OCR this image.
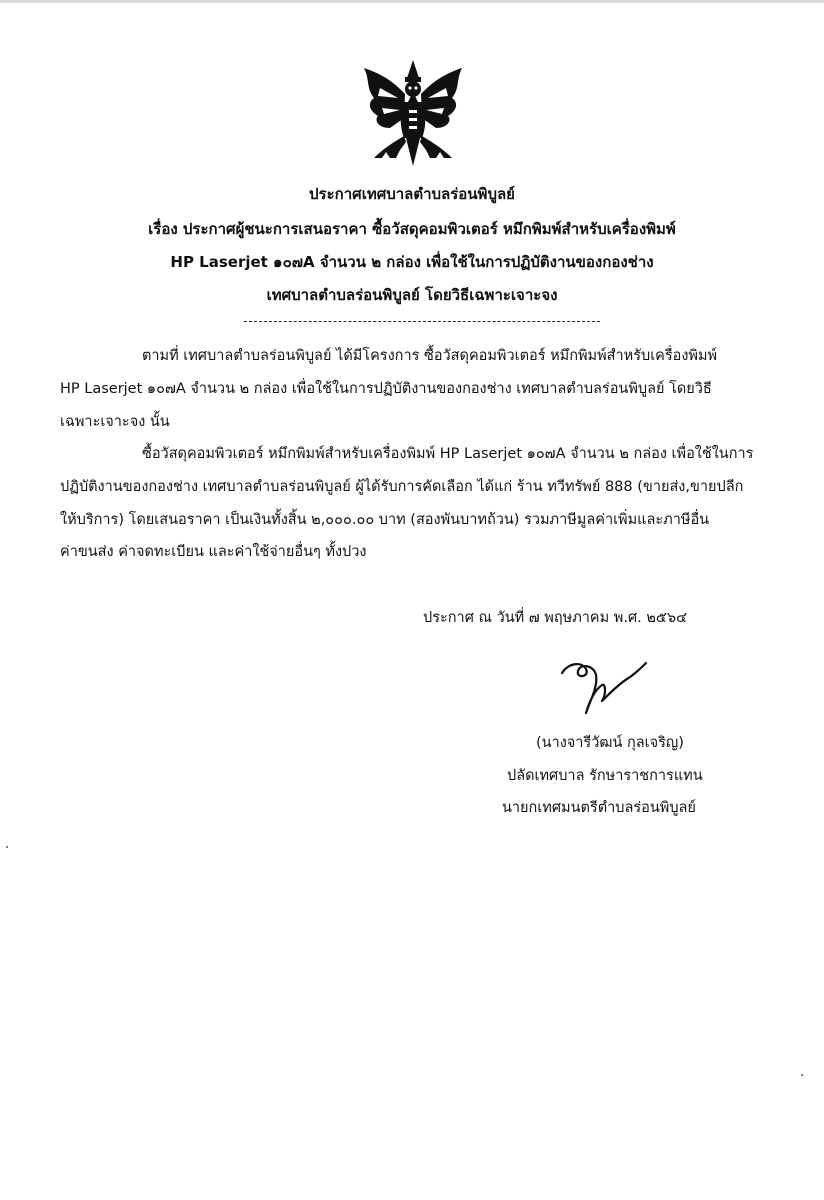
ประกาศเทศบาลตำบลร่อนพิบูลย์
เรื่อง ประกาศผู้ชนะการเสนอราคา ซื้อวัสดุคอมพิวเตอร์ หมึกพิมพ์สำหรับเครื่องพิมพ์
HP Laserjet ๑๐๗A จำนวน ๒ กล่อง เพื่อใช้ในการปฏิบัติงานของกองช่าง
เทศบาลตำบลร่อนพิบูลย์ โดยวิธีเฉพาะเจาะจง
ตามที่ เทศบาลตำบลร่อนพิบูลย์ ได้มีโครงการ ซื้อวัสดุคอมพิวเตอร์ หมึกพิมพ์สำหรับเครื่องพิมพ์
HP Laserjet ๑๐๗A จำนวน ๒ กล่อง เพื่อใช้ในการปฏิบัติงานของกองช่าง เทศบาลตำบลร่อนพิบูลย์ โดยวิธี
เฉพาะเจาะจง นั้น
ซื้อวัสดุคอมพิวเตอร์ หมึกพิมพ์สำหรับเครื่องพิมพ์ HP Laserjet ๑๐๗A จำนวน ๒ กล่อง เพื่อใช้ในการ
ปฏิบัติงานของกองช่าง เทศบาลตำบลร่อนพิบูลย์ ผู้ได้รับการคัดเลือก ได้แก่ ร้าน ทวีทรัพย์ 888 (ขายส่ง,ขายปลีก
ให้บริการ) โดยเสนอราคา เป็นเงินทั้งสิ้น ๒,๐๐๐.๐๐ บาท (สองพันบาทถ้วน) รวมภาษีมูลค่าเพิ่มและภาษีอื่น
ค่าขนส่ง ค่าจดทะเบียน และค่าใช้จ่ายอื่นๆ ทั้งปวง
ประกาศ ณ วันที่ ๗ พฤษภาคม พ.ศ. ๒๕๖๔
(นางจารีวัฒน์ กุลเจริญ)
ปลัดเทศบาล รักษาราชการแทน
นายกเทศมนตรีตำบลร่อนพิบูลย์
